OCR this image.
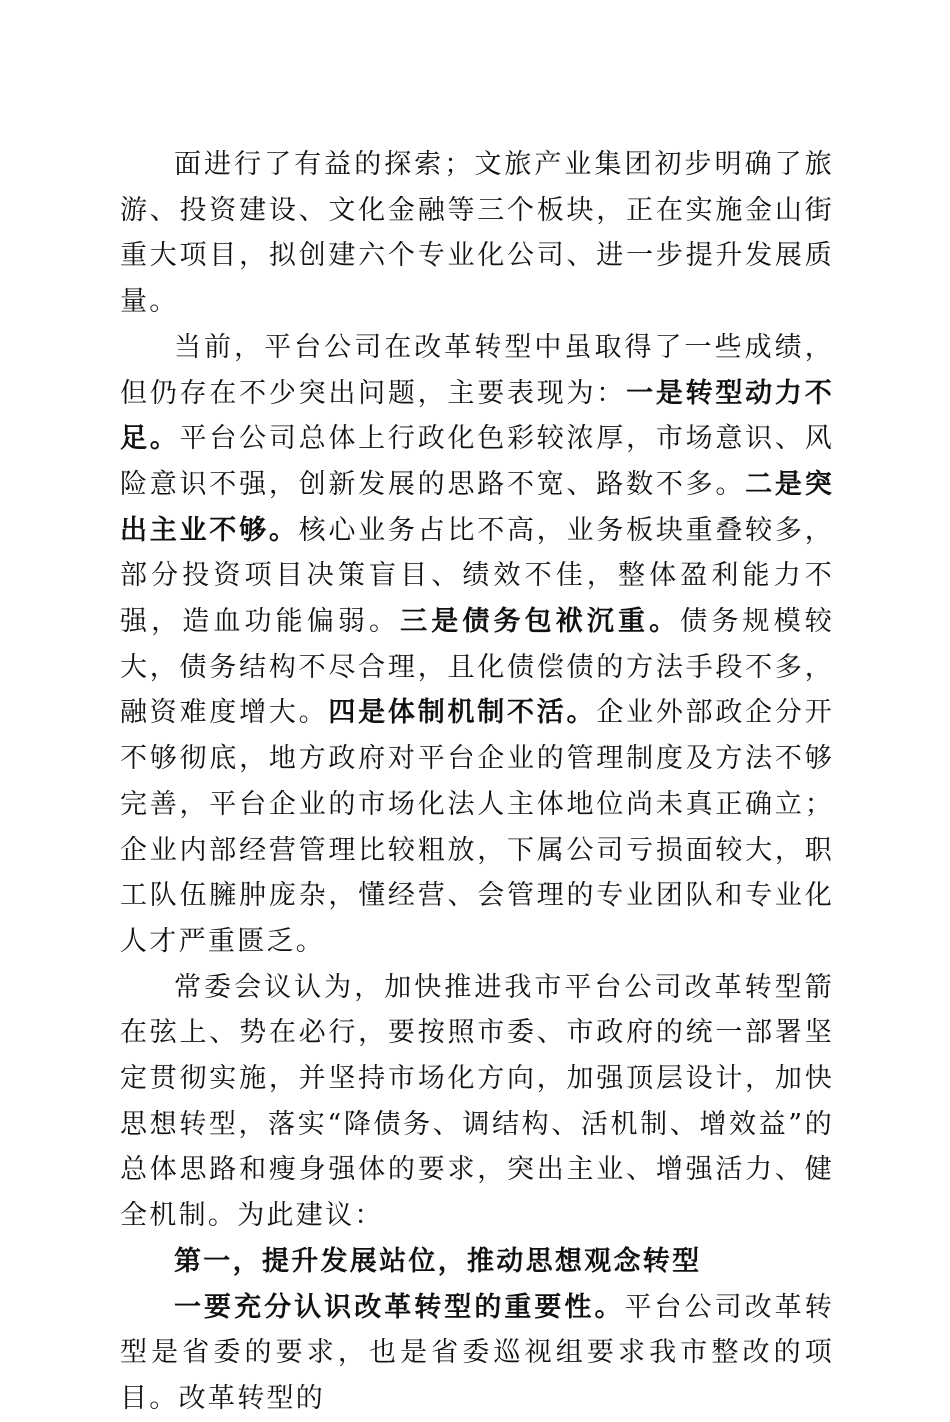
面进行了有益的探索；文旅产业集团初步明确了旅游、投资建设、文化金融等三个板块，正在实施金山街重大项目，拟创建六个专业化公司、进一步提升发展质量。

当前，平台公司在改革转型中虽取得了一些成绩，但仍存在不少突出问题，主要表现为：一是转型动力不足。平台公司总体上行政化色彩较浓厚，市场意识、风险意识不强，创新发展的思路不宽、路数不多。二是突出主业不够。核心业务占比不高，业务板块重叠较多，部分投资项目决策盲目、绩效不佳，整体盈利能力不强，造血功能偏弱。三是债务包袱沉重。债务规模较大，债务结构不尽合理，且化债偿债的方法手段不多，融资难度增大。四是体制机制不活。企业外部政企分开不够彻底，地方政府对平台企业的管理制度及方法不够完善，平台企业的市场化法人主体地位尚未真正确立；企业内部经营管理比较粗放，下属公司亏损面较大，职工队伍臃肿庞杂，懂经营、会管理的专业团队和专业化人才严重匮乏。

常委会议认为，加快推进我市平台公司改革转型箭在弦上、势在必行，要按照市委、市政府的统一部署坚定贯彻实施，并坚持市场化方向，加强顶层设计，加快思想转型，落实“降债务、调结构、活机制、增效益”的总体思路和瘦身强体的要求，突出主业、增强活力、健全机制。为此建议：

第一，提升发展站位，推动思想观念转型

一要充分认识改革转型的重要性。平台公司改革转型是省委的要求，也是省委巡视组要求我市整改的项目。改革转型的
